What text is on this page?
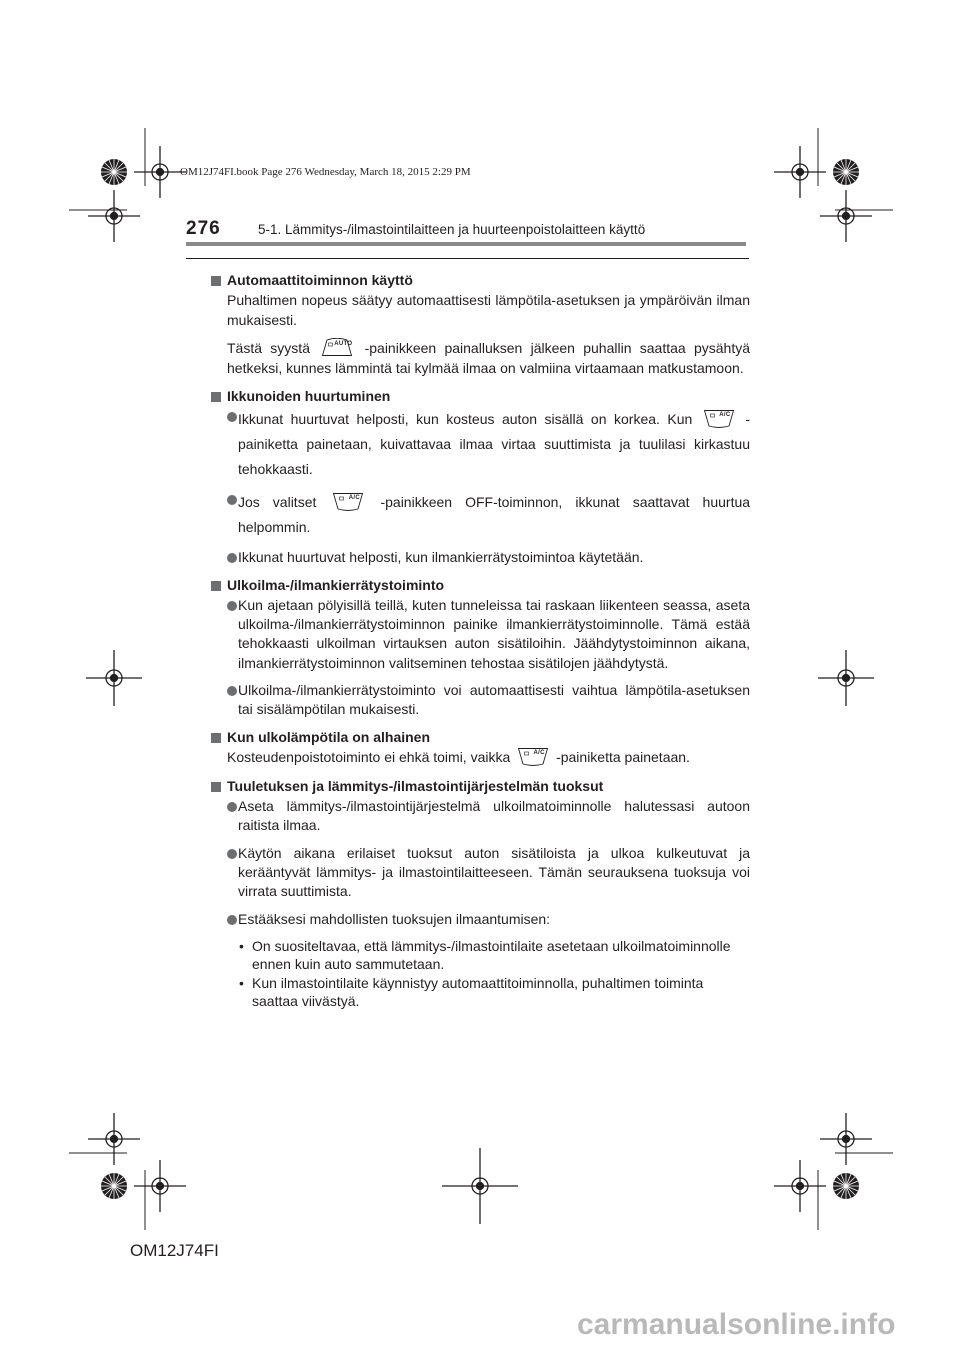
OM12J74FI.book Page 276 Wednesday, March 18, 2015 2:29 PM
276	5-1. Lämmitys-/ilmastointilaitteen ja huurteenpoistolaitteen käyttö
Automaattitoiminnon käyttö
Puhaltimen nopeus säätyy automaattisesti lämpötila-asetuksen ja ympäröivän ilman mukaisesti.
Tästä syystä	AUTO -painikkeen painalluksen jälkeen puhallin saattaa pysähtyä hetkeksi, kunnes lämmintä tai kylmää ilmaa on valmiina virtaamaan matkustamoon.
Ikkunoiden huurtuminen
Ikkunat huurtuvat helposti, kun kosteus auton sisällä on korkea. Kun	A/C	-painiketta painetaan, kuivattavaa ilmaa virtaa suuttimista ja tuulilasi kirkastuu tehokkaasti.
Jos valitset	A/C	-painikkeen OFF-toiminnon, ikkunat saattavat huurtua helpommin.
Ikkunat huurtuvat helposti, kun ilmankierrätystoimintoa käytetään.
Ulkoilma-/ilmankierrätystoiminto
Kun ajetaan pölyisillä teillä, kuten tunneleissa tai raskaan liikenteen seassa, aseta ulkoilma-/ilmankierrätystoiminnon painike ilmankierrätystoiminnolle. Tämä estää tehokkaasti ulkoilman virtauksen auton sisätiloihin. Jäähdytystoiminnon aikana, ilmankierrätystoiminnon valitseminen tehostaa sisätilojen jäähdytystä.
Ulkoilma-/ilmankierrätystoiminto voi automaattisesti vaihtua lämpötila-asetuksen tai sisälämpötilan mukaisesti.
Kun ulkolämpötila on alhainen
Kosteudenpoistotoiminto ei ehkä toimi, vaikka	A/C -painiketta painetaan.
Tuuletuksen ja lämmitys-/ilmastointijärjestelmän tuoksut
Aseta lämmitys-/ilmastointijärjestelmä ulkoilmatoiminnolle halutessasi autoon raitista ilmaa.
Käytön aikana erilaiset tuoksut auton sisätiloista ja ulkoa kulkeutuvat ja kerääntyvät lämmitys- ja ilmastointilaitteeseen. Tämän seurauksena tuoksuja voi virrata suuttimista.
Estääksesi mahdollisten tuoksujen ilmaantumisen:
• On suositeltavaa, että lämmitys-/ilmastointilaite asetetaan ulkoilmatoiminnolle ennen kuin auto sammutetaan.
• Kun ilmastointilaite käynnistyy automaattitoiminnolla, puhaltimen toiminta saattaa viivästyä.
OM12J74FI
carmanualsonline.info
